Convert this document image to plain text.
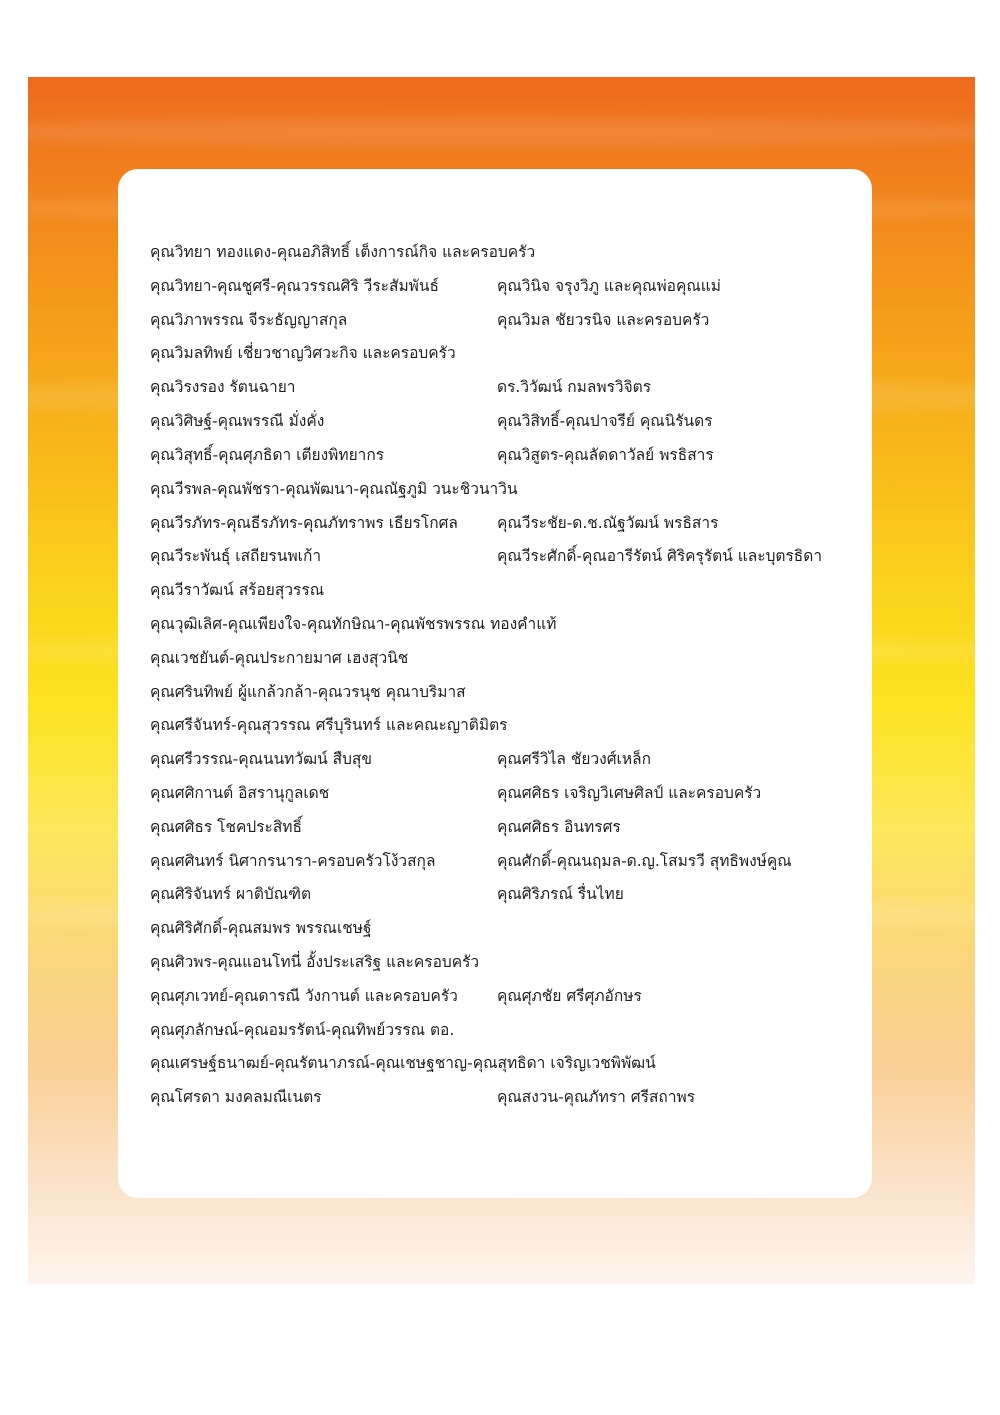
คุณวิทยา ทองแดง-คุณอภิสิทธิ์ เต็งการณ์กิจ และครอบครัว
คุณวิทยา-คุณชูศรี-คุณวรรณศิริ วีระสัมพันธ์	คุณวินิจ จรุงวิภู และคุณพ่อคุณแม่
คุณวิภาพรรณ จีระธัญญาสกุล	คุณวิมล ชัยวรนิจ และครอบครัว
คุณวิมลทิพย์ เชี่ยวชาญวิศวะกิจ และครอบครัว
คุณวิรงรอง รัตนฉายา	ดร.วิวัฒน์ กมลพรวิจิตร
คุณวิศิษฐ์-คุณพรรณี มั่งคั่ง	คุณวิสิทธิ์-คุณปาจรีย์ คุณนิรันดร
คุณวิสุทธิ์-คุณศุภธิดา เตียงพิทยากร	คุณวิสูตร-คุณลัดดาวัลย์ พรธิสาร
คุณวีรพล-คุณพัชรา-คุณพัฒนา-คุณณัฐภูมิ วนะชิวนาวิน
คุณวีรภัทร-คุณธีรภัทร-คุณภัทราพร เธียรโกศล	คุณวีระชัย-ด.ช.ณัฐวัฒน์ พรธิสาร
คุณวีระพันธุ์ เสถียรนพเก้า	คุณวีระศักดิ์-คุณอารีรัตน์ ศิริครุรัตน์ และบุตรธิดา
คุณวีราวัฒน์ สร้อยสุวรรณ
คุณวุฒิเลิศ-คุณเพียงใจ-คุณทักษิณา-คุณพัชรพรรณ ทองคำแท้
คุณเวชยันต์-คุณประกายมาศ เฮงสุวนิช
คุณศรินทิพย์ ผู้แกล้วกล้า-คุณวรนุช คุณาบริมาส
คุณศรีจันทร์-คุณสุวรรณ ศรีบุรินทร์ และคณะญาติมิตร
คุณศรีวรรณ-คุณนนทวัฒน์ สืบสุข	คุณศรีวิไล ชัยวงศ์เหล็ก
คุณศศิกานต์ อิสรานุกูลเดช	คุณศศิธร เจริญวิเศษศิลป์ และครอบครัว
คุณศศิธร โชคประสิทธิ์	คุณศศิธร อินทรศร
คุณศศินทร์ นิศากรนารา-ครอบครัวโง้วสกุล	คุณศักดิ์-คุณนฤมล-ด.ญ.โสมรวี สุทธิพงษ์คูณ
คุณศิริจันทร์ ผาติบัณฑิต	คุณศิริภรณ์ รื่นไทย
คุณศิริศักดิ์-คุณสมพร พรรณเชษฐ์
คุณศิวพร-คุณแอนโทนี่ อั้งประเสริฐ และครอบครัว
คุณศุภเวทย์-คุณดารณี วังกานต์ และครอบครัว	คุณศุภชัย ศรีศุภอักษร
คุณศุภลักษณ์-คุณอมรรัตน์-คุณทิพย์วรรณ ตอ.
คุณเศรษฐ์ธนาฒย์-คุณรัตนาภรณ์-คุณเชษฐชาญ-คุณสุทธิดา เจริญเวชพิพัฒน์
คุณโศรดา มงคลมณีเนตร	คุณสงวน-คุณภัทรา ศรีสถาพร
